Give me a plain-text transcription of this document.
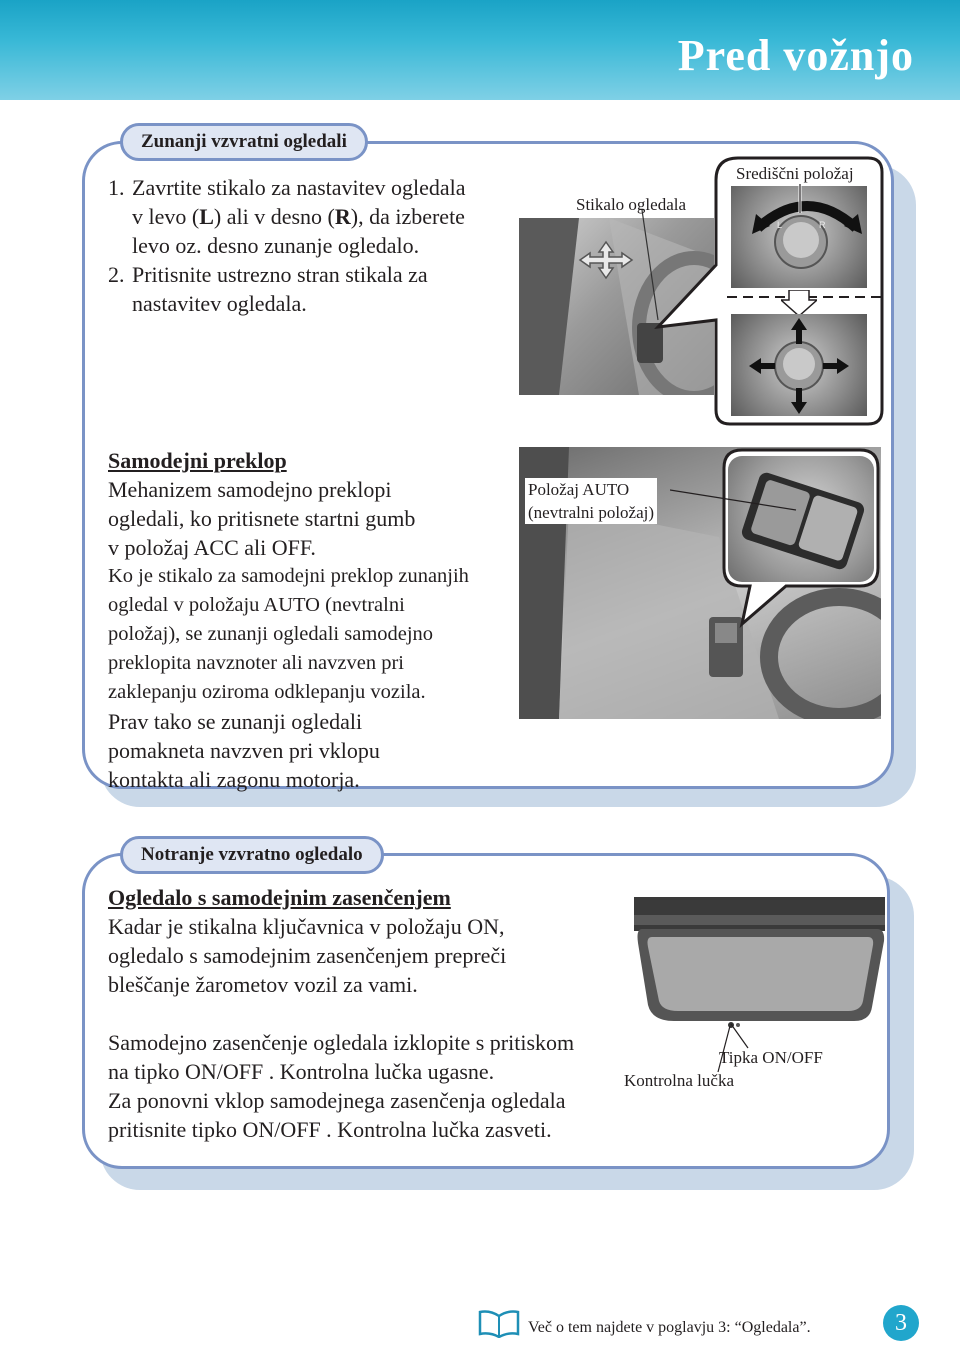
Pred vožnjo
Zunanji vzvratni ogledali
1. Zavrtite stikalo za nastavitev ogledala
v levo (L) ali v desno (R), da izberete
levo oz. desno zunanje ogledalo.
2. Pritisnite ustrezno stran stikala za
nastavitev ogledala.
Stikalo ogledala
L	R
Središčni položaj
Samodejni preklop
Mehanizem samodejno preklopi
ogledali, ko pritisnete startni gumb
v položaj ACC ali OFF.
Ko je stikalo za samodejni preklop zunanjih
ogledal v položaju AUTO (nevtralni
položaj), se zunanji ogledali samodejno
preklopita navznoter ali navzven pri
zaklepanju oziroma odklepanju vozila.
Prav tako se zunanji ogledali
pomakneta navzven pri vklopu
kontakta ali zagonu motorja.
Položaj AUTO
(nevtralni položaj)
Notranje vzvratno ogledalo
Ogledalo s samodejnim zasenčenjem
Kadar je stikalna ključavnica v položaju ON,
ogledalo s samodejnim zasenčenjem prepreči
bleščanje žarometov vozil za vami.
Samodejno zasenčenje ogledala izklopite s pritiskom
na tipko ON/OFF . Kontrolna lučka ugasne.
Za ponovni vklop samodejnega zasenčenja ogledala
pritisnite tipko ON/OFF . Kontrolna lučka zasveti.
Tipka ON/OFF
Kontrolna lučka
Več o tem najdete v poglavju 3: “Ogledala”.	3
